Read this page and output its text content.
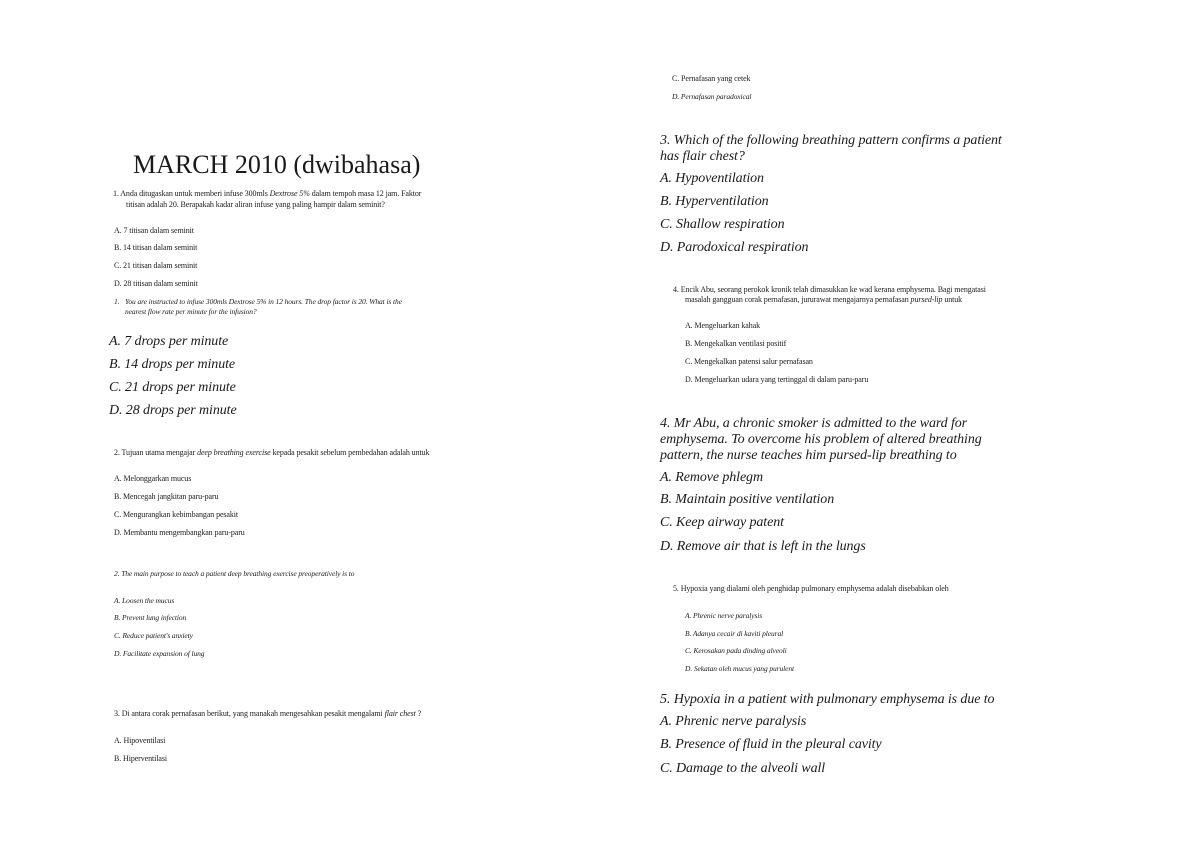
MARCH 2010 (dwibahasa)
1. Anda ditugaskan untuk memberi infuse 300mls Dextrose 5% dalam tempoh masa 12 jam. Faktor
titisan adalah 20. Berapakah kadar aliran infuse yang paling hampir dalam seminit?
A. 7 titisan dalam seminit
B. 14 titisan dalam seminit
C. 21 titisan dalam seminit
D. 28 titisan dalam seminit
1. You are instructed to infuse 300mls Dextrose 5% in 12 hours. The drop factor is 20. What is the
nearest flow rate per minute for the infusion?
A. 7 drops per minute
B. 14 drops per minute
C. 21 drops per minute
D. 28 drops per minute
2. Tujuan utama mengajar deep breathing exercise kepada pesakit sebelum pembedahan adalah untuk
A. Melonggarkan mucus
B. Mencegah jangkitan paru-paru
C. Mengurangkan kebimbangan pesakit
D. Membantu mengembangkan paru-paru
2. The main purpose to teach a patient deep breathing exercise preoperatively is to
A. Loosen the mucus
B. Prevent lung infection
C. Reduce patient's anxiety
D. Facilitate expansion of lung
3. Di antara corak pernafasan berikut, yang manakah mengesahkan pesakit mengalami flair chest ?
A. Hipoventilasi
B. Hiperventilasi
C. Pernafasan yang cetek
D. Pernafasan paradoxical
3. Which of the following breathing pattern confirms a patient
has flair chest?
A. Hypoventilation
B. Hyperventilation
C. Shallow respiration
D. Parodoxical respiration
4. Encik Abu, seorang perokok kronik telah dimasukkan ke wad kerana emphysema. Bagi mengatasi
masalah gangguan corak pernafasan, jururawat mengajarnya pernafasan pursed-lip untuk
A. Mengeluarkan kahak
B. Mengekalkan ventilasi positif
C. Mengekalkan patensi salur pernafasan
D. Mengeluarkan udara yang tertinggal di dalam paru-paru
4. Mr Abu, a chronic smoker is admitted to the ward for
emphysema. To overcome his problem of altered breathing
pattern, the nurse teaches him pursed-lip breathing to
A. Remove phlegm
B. Maintain positive ventilation
C. Keep airway patent
D. Remove air that is left in the lungs
5. Hypoxia yang dialami oleh penghidap pulmonary emphysema adalah disebabkan oleh
A. Phrenic nerve paralysis
B. Adanya cecair di kaviti pleural
C. Kerosakan pada dinding alveoli
D. Sekatan oleh mucus yang purulent
5. Hypoxia in a patient with pulmonary emphysema is due to
A. Phrenic nerve paralysis
B. Presence of fluid in the pleural cavity
C. Damage to the alveoli wall
